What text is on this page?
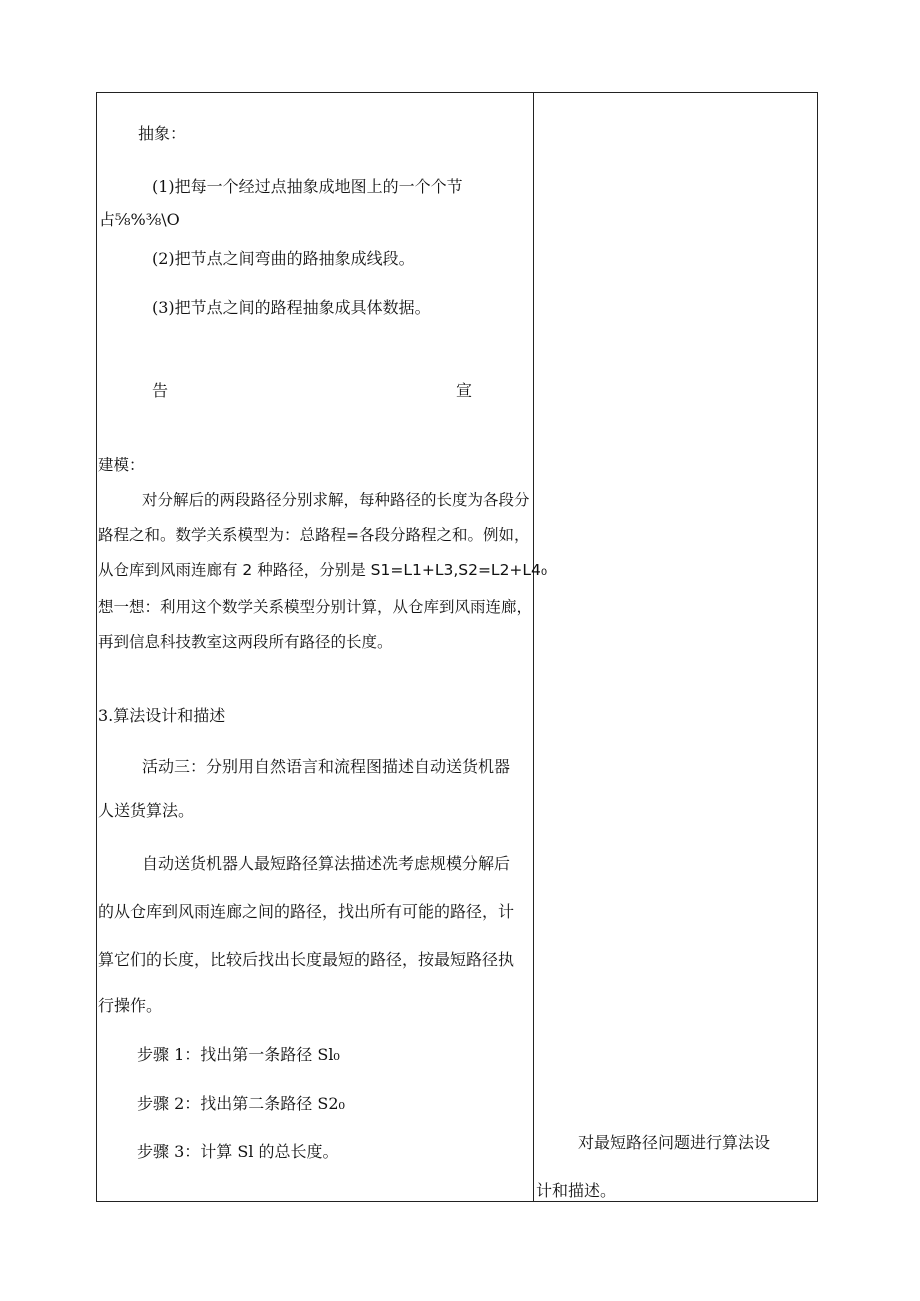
抽象：
(1)把每一个经过点抽象成地图上的一个个节
占⅝%⅜\O
(2)把节点之间弯曲的路抽象成线段。
(3)把节点之间的路程抽象成具体数据。
告	宣
建模：
对分解后的两段路径分别求解，每种路径的长度为各段分
路程之和。数学关系模型为：总路程=各段分路程之和。例如，
从仓库到风雨连廊有 2 种路径，分别是 S1=L1+L3,S2=L2+L4₀
想一想：利用这个数学关系模型分别计算，从仓库到风雨连廊，
再到信息科技教室这两段所有路径的长度。
3.算法设计和描述
活动三：分别用自然语言和流程图描述自动送货机器
人送货算法。
自动送货机器人最短路径算法描述冼考虑规模分解后
的从仓库到风雨连廊之间的路径，找出所有可能的路径，计
算它们的长度，比较后找出长度最短的路径，按最短路径执
行操作。
步骤 1：找出第一条路径 Sl₀
步骤 2：找出第二条路径 S2₀
步骤 3：计算 Sl 的总长度。	对最短路径问题进行算法设
计和描述。
